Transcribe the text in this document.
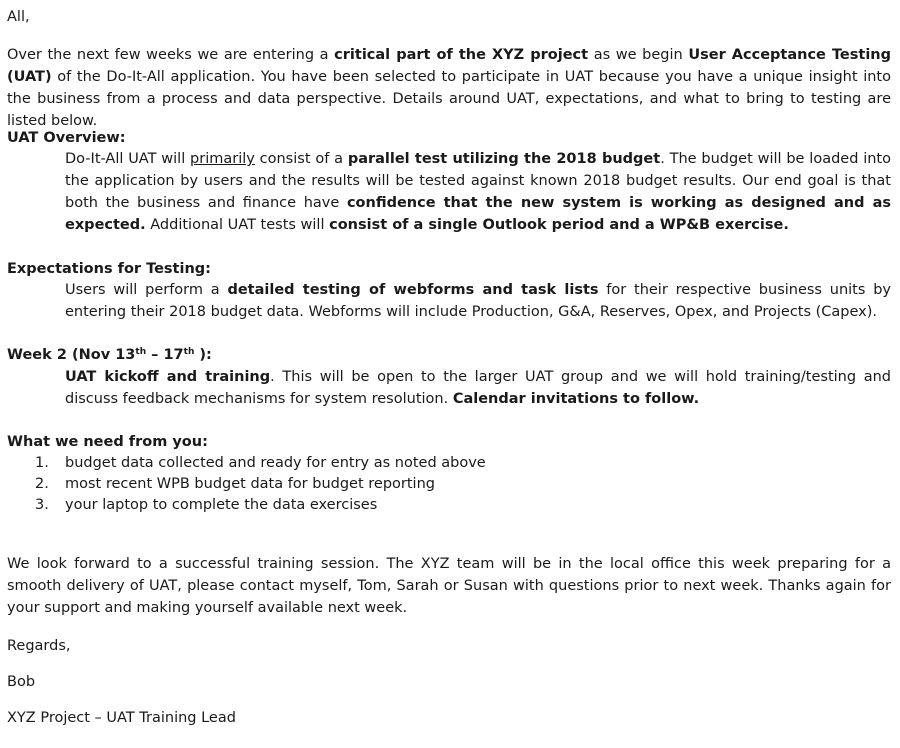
All,

Over the next few weeks we are entering a critical part of the XYZ project as we begin User Acceptance Testing (UAT) of the Do-It-All application. You have been selected to participate in UAT because you have a unique insight into the business from a process and data perspective. Details around UAT, expectations, and what to bring to testing are listed below.

UAT Overview:

Do-It-All UAT will primarily consist of a parallel test utilizing the 2018 budget. The budget will be loaded into the application by users and the results will be tested against known 2018 budget results. Our end goal is that both the business and finance have confidence that the new system is working as designed and as expected. Additional UAT tests will consist of a single Outlook period and a WP&B exercise.

Expectations for Testing:

Users will perform a detailed testing of webforms and task lists for their respective business units by entering their 2018 budget data. Webforms will include Production, G&A, Reserves, Opex, and Projects (Capex).

Week 2 (Nov 13th – 17th ):

UAT kickoff and training. This will be open to the larger UAT group and we will hold training/testing and discuss feedback mechanisms for system resolution. Calendar invitations to follow.

What we need from you:

1.	budget data collected and ready for entry as noted above
2.	most recent WPB budget data for budget reporting
3.	your laptop to complete the data exercises

We look forward to a successful training session. The XYZ team will be in the local office this week preparing for a smooth delivery of UAT, please contact myself, Tom, Sarah or Susan with questions prior to next week. Thanks again for your support and making yourself available next week.

Regards,

Bob

XYZ Project – UAT Training Lead
